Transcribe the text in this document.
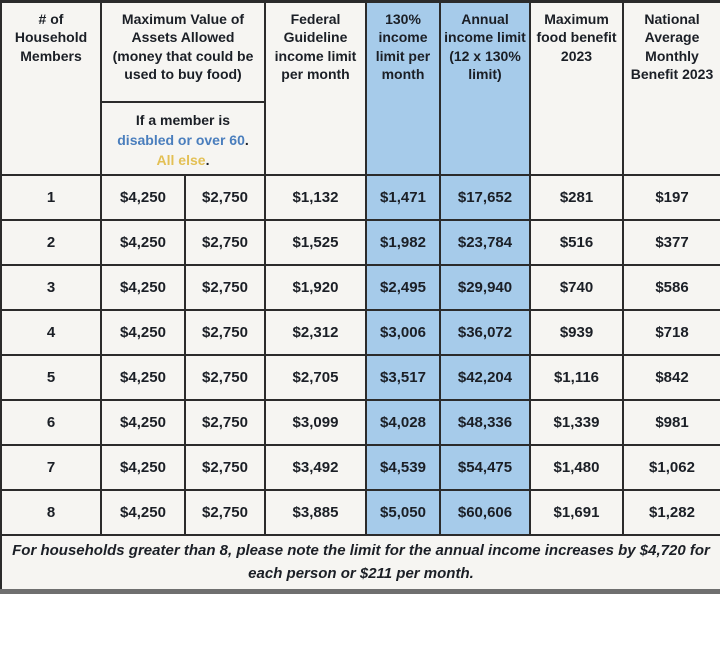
# of Household Members	Maximum Value of Assets Allowed (money that could be used to buy food)		Federal Guideline income limit per month	130% income limit per month	Annual income limit (12 x 130% limit)	Maximum food benefit 2023	National Average Monthly Benefit 2023

	If a member is
disabled or over 60.
All else.						

1	$4,250	$2,750	$1,132	$1,471	$17,652	$281	$197
2	$4,250	$2,750	$1,525	$1,982	$23,784	$516	$377
3	$4,250	$2,750	$1,920	$2,495	$29,940	$740	$586
4	$4,250	$2,750	$2,312	$3,006	$36,072	$939	$718
5	$4,250	$2,750	$2,705	$3,517	$42,204	$1,116	$842
6	$4,250	$2,750	$3,099	$4,028	$48,336	$1,339	$981
7	$4,250	$2,750	$3,492	$4,539	$54,475	$1,480	$1,062
8	$4,250	$2,750	$3,885	$5,050	$60,606	$1,691	$1,282
For households greater than 8, please note the limit for the annual income increases by $4,720 for each person or $211 per month.							
